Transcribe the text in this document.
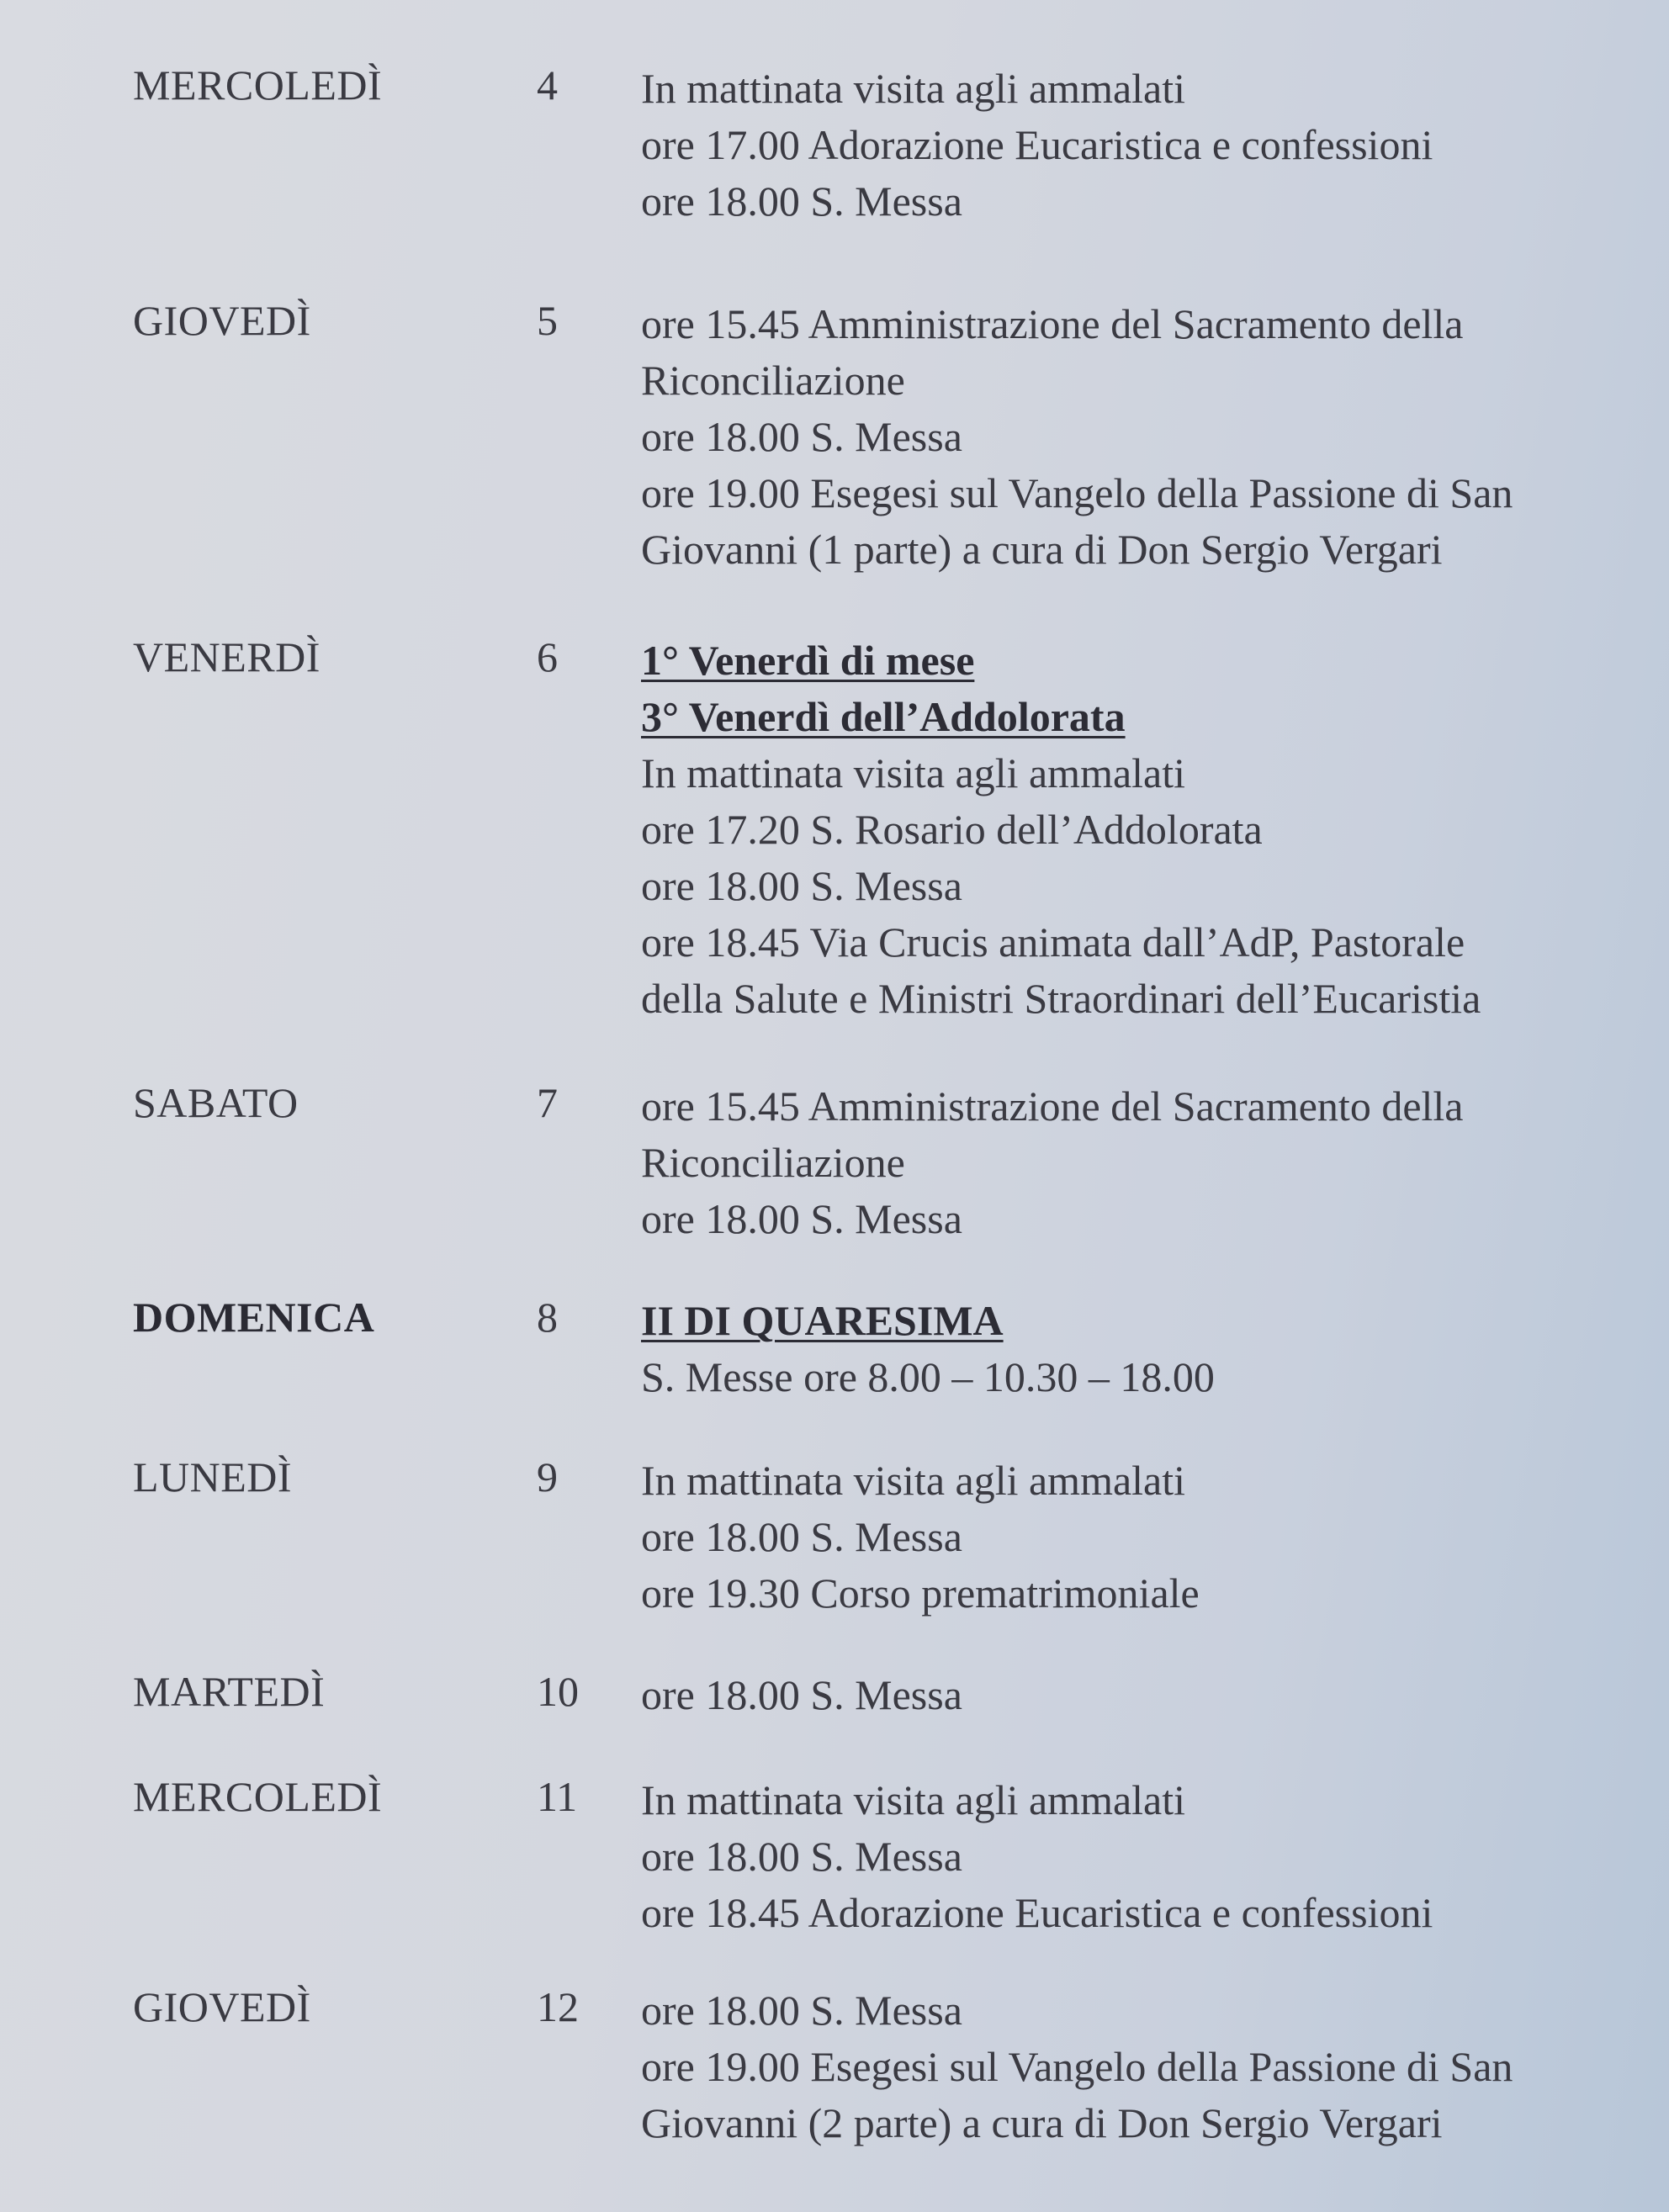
MERCOLEDÌ	4 In mattinata visita agli ammalati
ore 17.00 Adorazione Eucaristica e confessioni
ore 18.00 S. Messa
GIOVEDÌ	5 ore 15.45 Amministrazione del Sacramento della
Riconciliazione
ore 18.00 S. Messa
ore 19.00 Esegesi sul Vangelo della Passione di San
Giovanni (1 parte) a cura di Don Sergio Vergari
VENERDÌ	6 1° Venerdì di mese
3° Venerdì dell’Addolorata
In mattinata visita agli ammalati
ore 17.20 S. Rosario dell’Addolorata
ore 18.00 S. Messa
ore 18.45 Via Crucis animata dall’AdP, Pastorale
della Salute e Ministri Straordinari dell’Eucaristia
SABATO	7 ore 15.45 Amministrazione del Sacramento della
Riconciliazione
ore 18.00 S. Messa
DOMENICA	8 II DI QUARESIMA
S. Messe ore 8.00 – 10.30 – 18.00
LUNEDÌ	9 In mattinata visita agli ammalati
ore 18.00 S. Messa
ore 19.30 Corso prematrimoniale
MARTEDÌ	10 ore 18.00 S. Messa
MERCOLEDÌ	11 In mattinata visita agli ammalati
ore 18.00 S. Messa
ore 18.45 Adorazione Eucaristica e confessioni
GIOVEDÌ	12 ore 18.00 S. Messa
ore 19.00 Esegesi sul Vangelo della Passione di San
Giovanni (2 parte) a cura di Don Sergio Vergari
